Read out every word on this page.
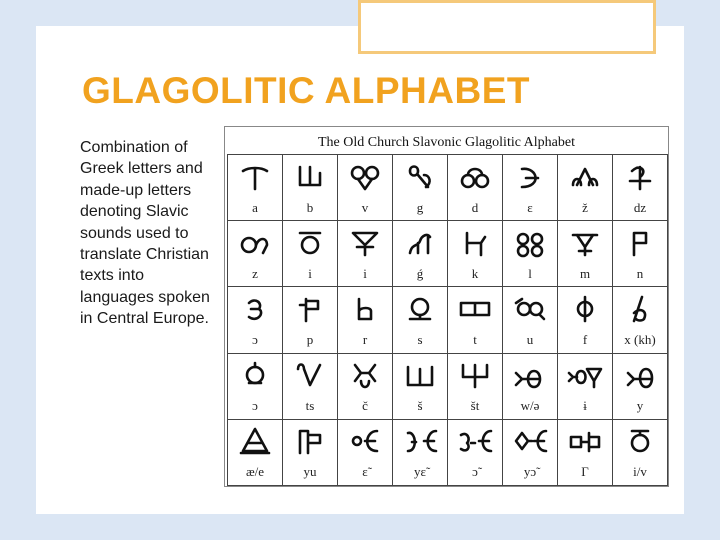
GLAGOLITIC ALPHABET

Combination of Greek letters and made-up letters denoting Slavic sounds used to translate Christian texts into languages spoken in Central Europe.

The Old Church Slavonic Glagolitic Alphabet
a	b	v	g	d	ɛ	ž	dz
z	i	i	ǵ	k	l	m	n
ɔ	p	r	s	t	u	f	x (kh)
ɔ	ts	č	š	št	w/ə	ɨ	y
æ/e	yu	ɛ̃	yɛ̃	ɔ̃	yɔ̃	Γ	i/v
